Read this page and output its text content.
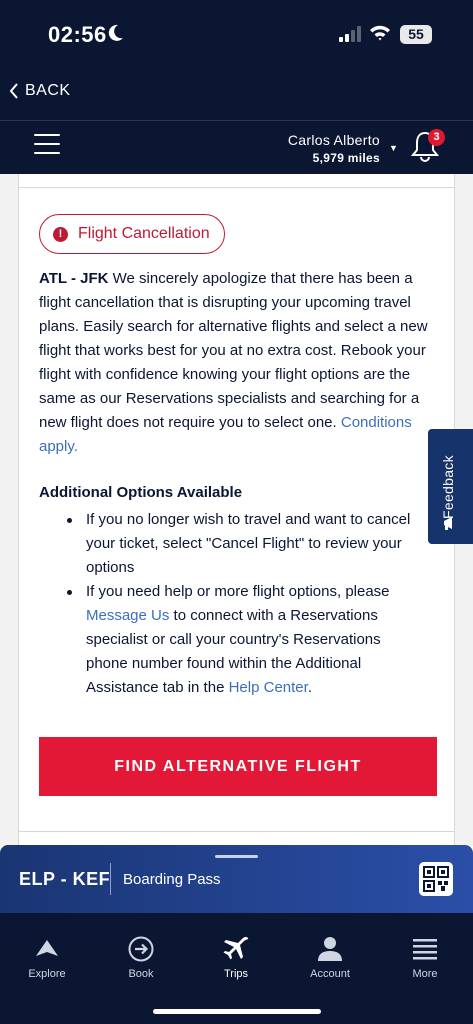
02:56	55
BACK
Carlos Alberto
5,979 miles
▼
3
! Flight Cancellation

ATL - JFK We sincerely apologize that there has been a flight cancellation that is disrupting your upcoming travel plans. Easily search for alternative flights and select a new flight that works best for you at no extra cost. Rebook your flight with confidence knowing your flight options are the same as our Reservations specialists and searching for a new flight does not require you to select one. Conditions apply.

Additional Options Available
If you no longer wish to travel and want to cancel your ticket, select "Cancel Flight" to review your options
If you need help or more flight options, please Message Us to connect with a Reservations specialist or call your country's Reservations phone number found within the Additional Assistance tab in the Help Center.
FIND ALTERNATIVE FLIGHT
Feedback
ELP - KEF Boarding Pass
Explore	Book	Trips	Account	More
